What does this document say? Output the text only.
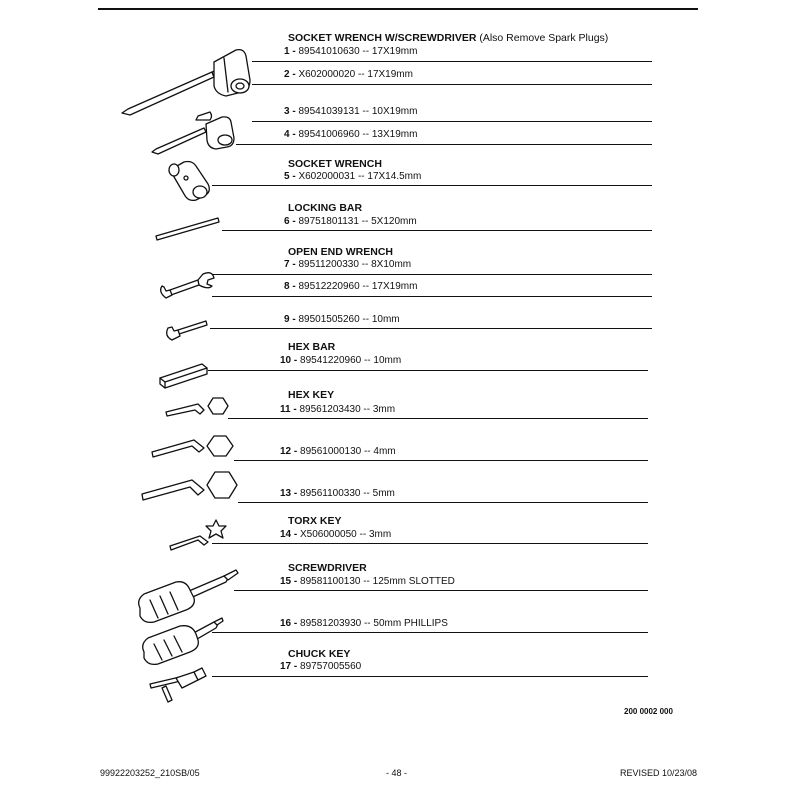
SOCKET WRENCH W/SCREWDRIVER (Also Remove Spark Plugs)
SOCKET WRENCH
LOCKING BAR
OPEN END WRENCH
HEX BAR
HEX KEY
TORX KEY
SCREWDRIVER
CHUCK KEY
1 - 89541010630 -- 17X19mm
2 - X602000020 -- 17X19mm
3 - 89541039131 -- 10X19mm
4 - 89541006960 -- 13X19mm
5 - X602000031 -- 17X14.5mm
6 - 89751801131 -- 5X120mm
7 - 89511200330 -- 8X10mm
8 - 89512220960 -- 17X19mm
9 - 89501505260 -- 10mm
10 - 89541220960 -- 10mm
11 - 89561203430 -- 3mm
12 - 89561000130 -- 4mm
13 - 89561100330 -- 5mm
14 - X506000050 -- 3mm
15 - 89581100130 -- 125mm SLOTTED
16 - 89581203930 -- 50mm PHILLIPS
17 - 89757005560
200 0002 000
99922203252_210SB/05	- 48 -	REVISED 10/23/08
